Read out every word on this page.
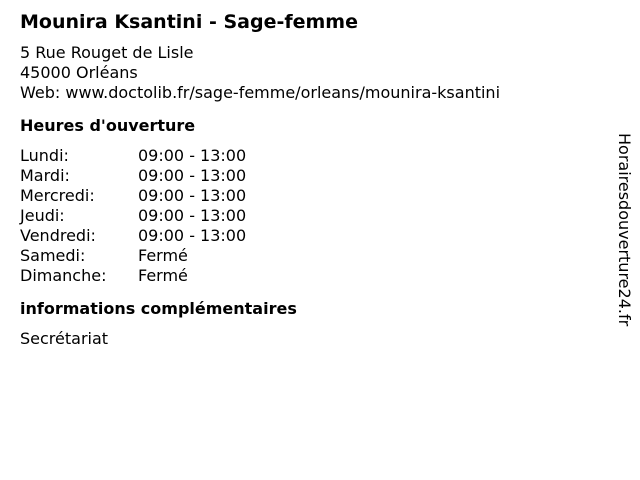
Mounira Ksantini - Sage-femme
5 Rue Rouget de Lisle
45000 Orléans
Web: www.doctolib.fr/sage-femme/orleans/mounira-ksantini
Heures d'ouverture
Lundi:	09:00 - 13:00
Mardi:	09:00 - 13:00
Mercredi:	09:00 - 13:00
Jeudi:	09:00 - 13:00
Vendredi:	09:00 - 13:00
Samedi:	Fermé
Dimanche: Fermé
informations complémentaires
Secrétariat
Horairesdouverture24.fr
